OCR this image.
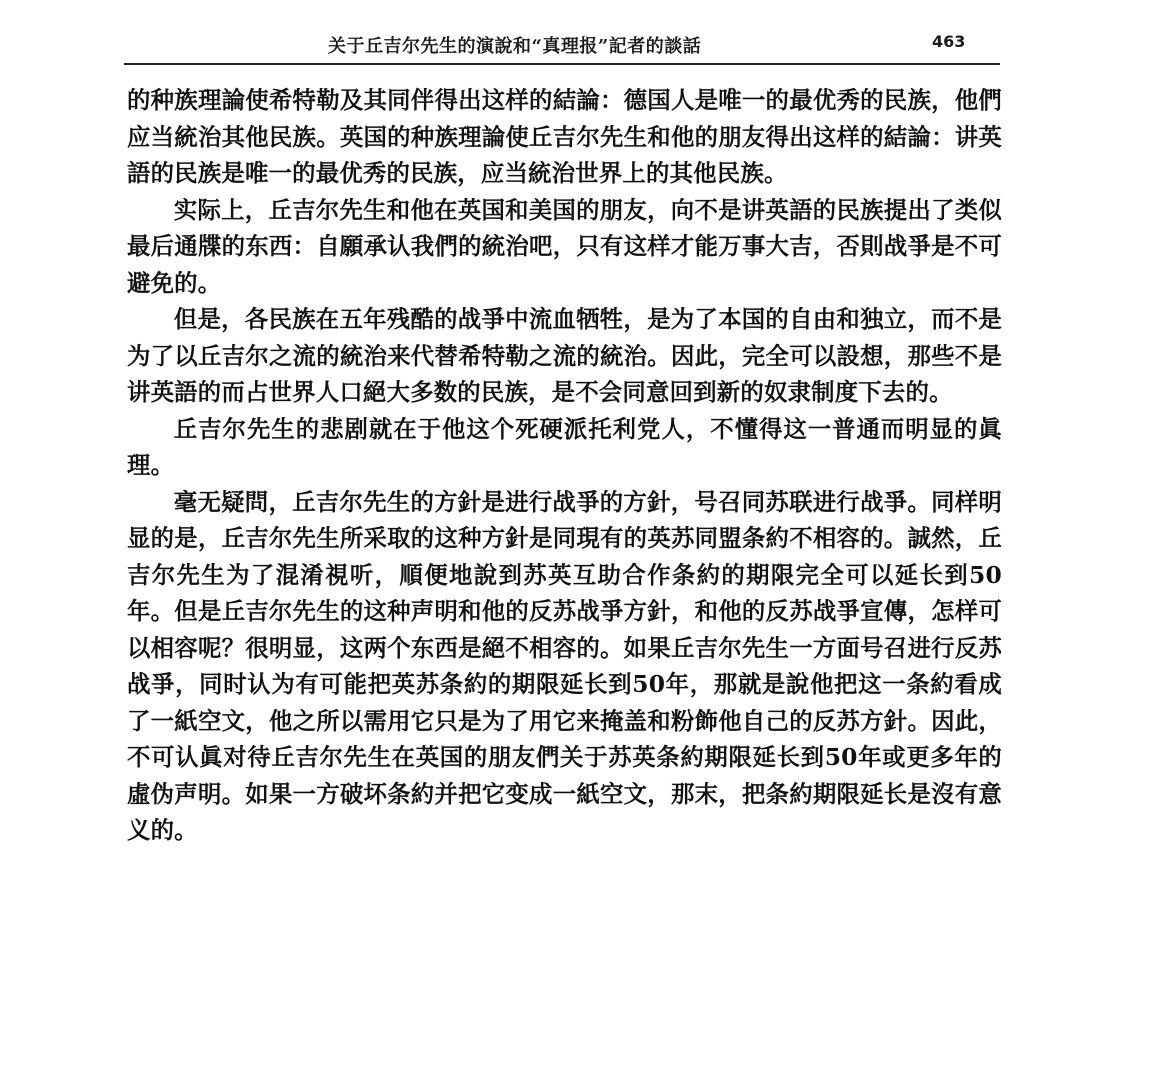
关于丘吉尔先生的演說和“真理报”記者的談話	463

的种族理論使希特勒及其同伴得出这样的結論：德国人是唯一的最优秀的民族，他們应当統治其他民族。英国的种族理論使丘吉尔先生和他的朋友得出这样的結論：讲英語的民族是唯一的最优秀的民族，应当統治世界上的其他民族。

实际上，丘吉尔先生和他在英国和美国的朋友，向不是讲英語的民族提出了类似最后通牒的东西：自願承认我們的統治吧，只有这样才能万事大吉，否則战爭是不可避免的。

但是，各民族在五年残酷的战爭中流血牺牲，是为了本国的自由和独立，而不是为了以丘吉尔之流的統治来代替希特勒之流的統治。因此，完全可以設想，那些不是讲英語的而占世界人口絕大多数的民族，是不会同意回到新的奴隶制度下去的。

丘吉尔先生的悲剧就在于他这个死硬派托利党人，不懂得这一普通而明显的眞理。

毫无疑問，丘吉尔先生的方針是进行战爭的方針，号召同苏联进行战爭。同样明显的是，丘吉尔先生所采取的这种方針是同現有的英苏同盟条約不相容的。誠然，丘吉尔先生为了混淆視听，順便地說到苏英互助合作条約的期限完全可以延长到50年。但是丘吉尔先生的这种声明和他的反苏战爭方針，和他的反苏战爭宣傳，怎样可以相容呢？很明显，这两个东西是絕不相容的。如果丘吉尔先生一方面号召进行反苏战爭，同时认为有可能把英苏条約的期限延长到50年，那就是說他把这一条約看成了一紙空文，他之所以需用它只是为了用它来掩盖和粉飾他自己的反苏方針。因此，不可认眞对待丘吉尔先生在英国的朋友們关于苏英条約期限延长到50年或更多年的虛伪声明。如果一方破坏条約并把它变成一紙空文，那末，把条約期限延长是沒有意义的。
